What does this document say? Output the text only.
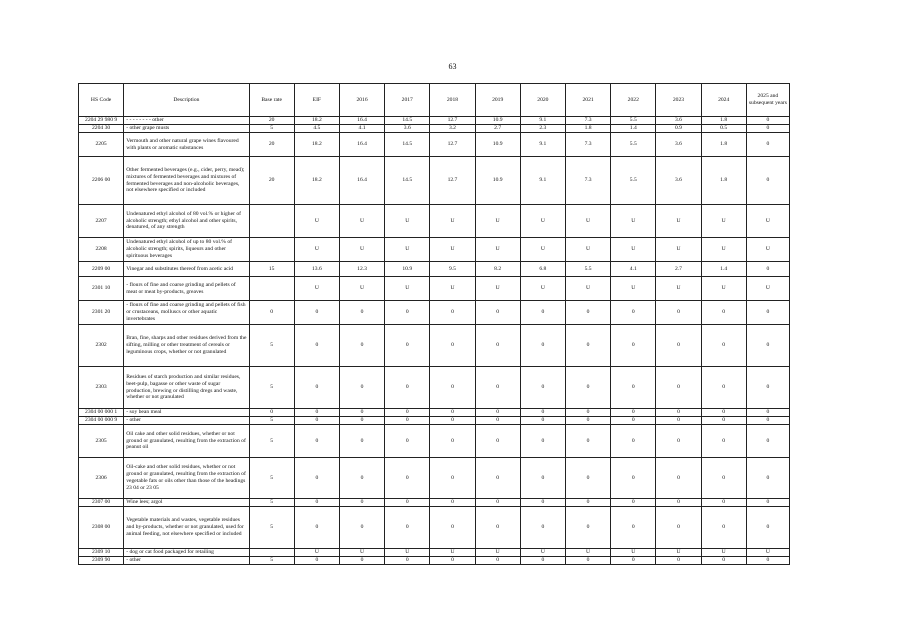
63
HS Code	Description	Base rate	EIF	2016	2017	2018	2019	2020	2021	2022	2023	2024	2025 and subsequent years
2204 29 980 9	- - - - - - - - other	20	18.2	16.4	14.5	12.7	10.9	9.1	7.3	5.5	3.6	1.8	0
2204 30	- other grape musts	5	4.5	4.1	3.6	3.2	2.7	2.3	1.8	1.4	0.9	0.5	0
2205	Vermouth and other natural grape wines flavoured with plants or aromatic substances	20	18.2	16.4	14.5	12.7	10.9	9.1	7.3	5.5	3.6	1.8	0
2206 00	Other fermented beverages (e.g., cider, perry, mead); mixtures of fermented beverages and mixtures of fermented beverages and non-alcoholic beverages, not elsewhere specified or included	20	18.2	16.4	14.5	12.7	10.9	9.1	7.3	5.5	3.6	1.8	0
2207	Undenatured ethyl alcohol of 80 vol.% or higher of alcoholic strength; ethyl alcohol and other spirits, denatured, of any strength		U	U	U	U	U	U	U	U	U	U	U
2208	Undenatured ethyl alcohol of up to 80 vol.% of alcoholic strength; spirits, liqueurs and other spirituous beverages		U	U	U	U	U	U	U	U	U	U	U
2209 00	Vinegar and substitutes thereof from acetic acid	15	13.6	12.3	10.9	9.5	8.2	6.8	5.5	4.1	2.7	1.4	0
2301 10	- flours of fine and coarse grinding and pellets of meat or meat by-products, greaves		U	U	U	U	U	U	U	U	U	U	U
2301 20	- flours of fine and coarse grinding and pellets of fish or crustaceans, molluscs or other aquatic invertebrates	0	0	0	0	0	0	0	0	0	0	0	0
2302	Bran, fine, sharps and other residues derived from the sifting, milling or other treatment of cereals or leguminous crops, whether or not granulated	5	0	0	0	0	0	0	0	0	0	0	0
2303	Residues of starch production and similar residues, beet-pulp, bagasse or other waste of sugar production, brewing or distilling dregs and waste, whether or not granulated	5	0	0	0	0	0	0	0	0	0	0	0
2304 00 000 1	- soy bean meal	0	0	0	0	0	0	0	0	0	0	0	0
2304 00 000 9	- other	5	0	0	0	0	0	0	0	0	0	0	0
2305	Oil cake and other solid residues, whether or not ground or granulated, resulting from the extraction of peanut oil	5	0	0	0	0	0	0	0	0	0	0	0
2306	Oil-cake and other solid residues, whether or not ground or granulated, resulting from the extraction of vegetable fats or oils other than those of the headings 23 04 or 23 05	5	0	0	0	0	0	0	0	0	0	0	0
2307 00	Wine lees; argol	5	0	0	0	0	0	0	0	0	0	0	0
2308 00	Vegetable materials and wastes, vegetable residues and by-products, whether or not granulated, used for animal feeding, not elsewhere specified or included	5	0	0	0	0	0	0	0	0	0	0	0
2309 10	- dog or cat food packaged for retailing		U	U	U	U	U	U	U	U	U	U	U
2309 90	- other	5	0	0	0	0	0	0	0	0	0	0	0
